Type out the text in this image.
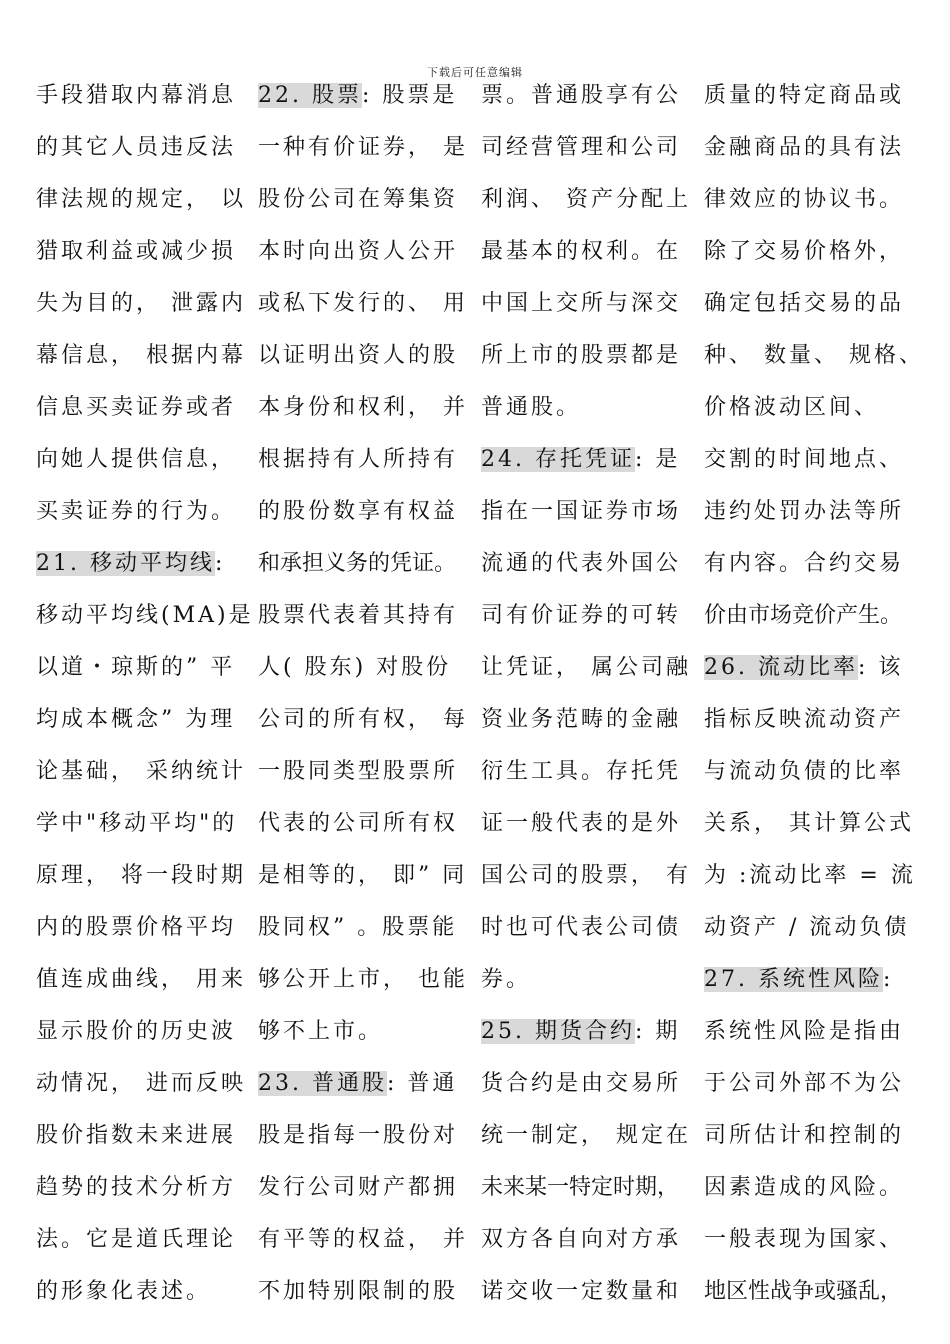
下载后可任意编辑
手段猎取内幕消息
的其它人员违反法
律法规的规定， 以
猎取利益或减少损
失为目的， 泄露内
幕信息， 根据内幕
信息买卖证券或者
向她人提供信息，
买卖证券的行为。
21. 移动平均线:
移动平均线(MA)是
以道・琼斯的” 平
均成本概念” 为理
论基础， 采纳统计
学中"移动平均"的
原理， 将一段时期
内的股票价格平均
值连成曲线， 用来
显示股价的历史波
动情况， 进而反映
股价指数未来进展
趋势的技术分析方
法。它是道氏理论
的形象化表述。
22. 股票: 股票是
一种有价证券， 是
股份公司在筹集资
本时向出资人公开
或私下发行的、 用
以证明出资人的股
本身份和权利， 并
根据持有人所持有
的股份数享有权益
和承担义务的凭证。
股票代表着其持有
人( 股东) 对股份
公司的所有权， 每
一股同类型股票所
代表的公司所有权
是相等的， 即” 同
股同权” 。股票能
够公开上市， 也能
够不上市。
23. 普通股: 普通
股是指每一股份对
发行公司财产都拥
有平等的权益， 并
不加特别限制的股
票。普通股享有公
司经营管理和公司
利润、 资产分配上
最基本的权利。在
中国上交所与深交
所上市的股票都是
普通股。
24. 存托凭证: 是
指在一国证券市场
流通的代表外国公
司有价证券的可转
让凭证， 属公司融
资业务范畴的金融
衍生工具。存托凭
证一般代表的是外
国公司的股票， 有
时也可代表公司债
券。
25. 期货合约: 期
货合约是由交易所
统一制定， 规定在
未来某一特定时期，
双方各自向对方承
诺交收一定数量和
质量的特定商品或
金融商品的具有法
律效应的协议书。
除了交易价格外，
确定包括交易的品
种、 数量、 规格、
价格波动区间、
交割的时间地点、
违约处罚办法等所
有内容。合约交易
价由市场竞价产生。
26. 流动比率: 该
指标反映流动资产
与流动负债的比率
关系， 其计算公式
为 :流动比率 = 流
动资产 / 流动负债
27. 系统性风险:
系统性风险是指由
于公司外部不为公
司所估计和控制的
因素造成的风险。
一般表现为国家、
地区性战争或骚乱，
